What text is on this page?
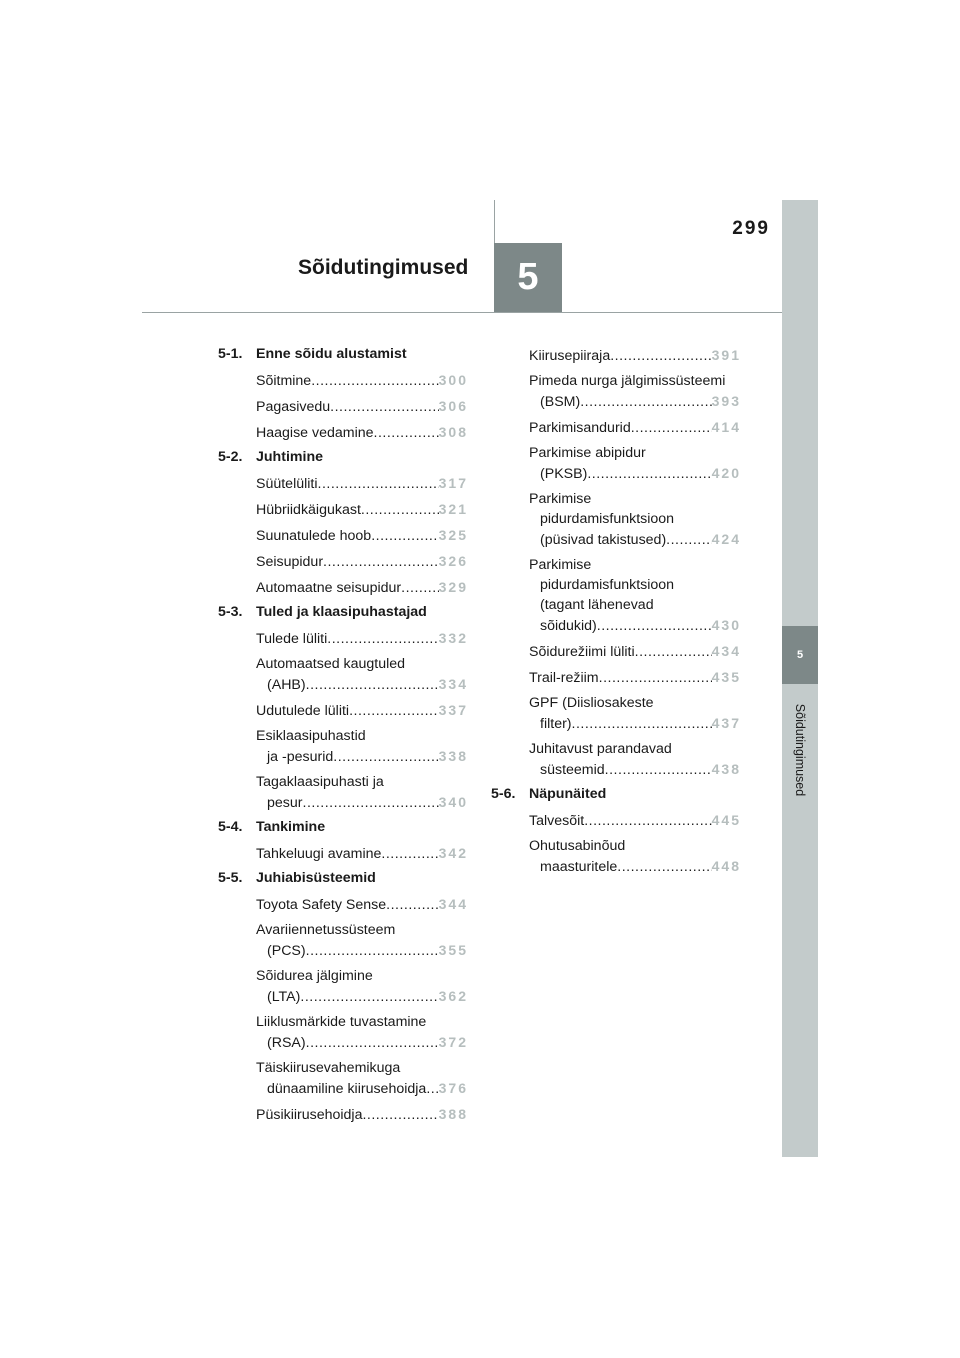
299
Sõidutingimused	5
5
Sõidutingimused
5-1. Enne sõidu alustamist
Sõitmine .....	300
Pagasivedu .....	306
Haagise vedamine .....	308
5-2. Juhtimine
Süütelüliti .....	317
Hübriidkäigukast .....	321
Suunatulede hoob .....	325
Seisupidur .....	326
Automaatne seisupidur .....	329
5-3. Tuled ja klaasipuhastajad
Tulede lüliti .....	332
Automaatsed kaugtuled
(AHB) .....	334
Udutulede lüliti .....	337
Esiklaasipuhastid
ja -pesurid .....	338
Tagaklaasipuhasti ja
pesur .....	340
5-4. Tankimine
Tahkeluugi avamine .....	342
5-5. Juhiabisüsteemid
Toyota Safety Sense .....	344
Avariiennetussüsteem
(PCS) .....	355
Sõidurea jälgimine
(LTA) .....	362
Liiklusmärkide tuvastamine
(RSA) .....	372
Täiskiirusevahemikuga
dünaamiline kiirusehoidja ..... 376
Püsikiirusehoidja .....	388
Kiirusepiiraja .....	391
Pimeda nurga jälgimissüsteemi
(BSM) .....	393
Parkimisandurid .....	414
Parkimise abipidur
(PKSB) .....	420
Parkimise
pidurdamisfunktsioon
(püsivad takistused) .....	424
Parkimise
pidurdamisfunktsioon
(tagant lähenevad
sõidukid) .....	430
Sõidurežiimi lüliti .....	434
Trail-režiim .....	435
GPF (Diisliosakeste
filter) .....	437
Juhitavust parandavad
süsteemid .....	438
5-6. Näpunäited
Talvesõit .....	445
Ohutusabinõud
maasturitele .....	448
